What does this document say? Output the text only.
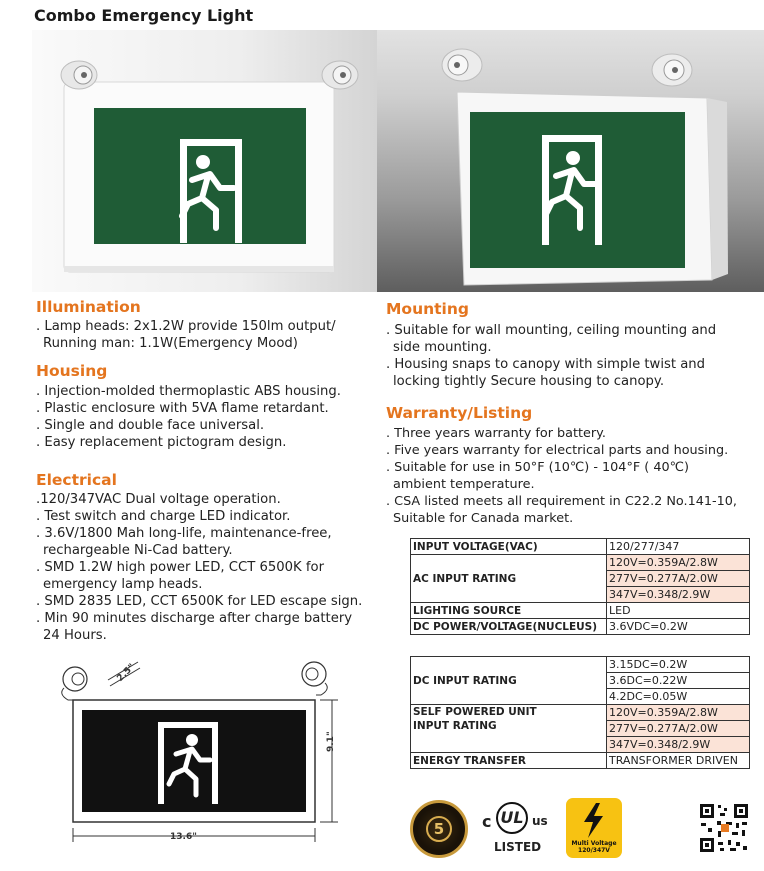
Combo Emergency Light
Illumination
. Lamp heads: 2x1.2W provide 150lm output/
Running man: 1.1W(Emergency Mood)
Housing
. Injection-molded thermoplastic ABS housing.
. Plastic enclosure with 5VA flame retardant.
. Single and double face universal.
. Easy replacement pictogram design.
Electrical
.120/347VAC Dual voltage operation.
. Test switch and charge LED indicator.
. 3.6V/1800 Mah long-life, maintenance-free,
rechargeable Ni-Cad battery.
. SMD 1.2W high power LED, CCT 6500K for
emergency lamp heads.
. SMD 2835 LED, CCT 6500K for LED escape sign.
. Min 90 minutes discharge after charge battery
24 Hours.
Mounting
. Suitable for wall mounting, ceiling mounting and
side mounting.
. Housing snaps to canopy with simple twist and
locking tightly Secure housing to canopy.
Warranty/Listing
. Three years warranty for battery.
. Five years warranty for electrical parts and housing.
. Suitable for use in 50°F (10℃) - 104°F ( 40℃)
ambient temperature.
. CSA listed meets all requirement in C22.2 No.141-10,
Suitable for Canada market.
INPUT VOLTAGE(VAC)	120/277/347
AC INPUT RATING	120V=0.359A/2.8W
	277V=0.277A/2.0W
	347V=0.348/2.9W
LIGHTING SOURCE	LED
DC POWER/VOLTAGE(NUCLEUS)	3.6VDC=0.2W
DC INPUT RATING	3.15DC=0.2W
	3.6DC=0.22W
	4.2DC=0.05W

SELF POWERED UNIT
INPUT RATING	120V=0.359A/2.8W
	277V=0.277A/2.0W
	347V=0.348/2.9W
ENERGY TRANSFER	TRANSFORMER DRIVEN
13.6"
9.1"
2.5"
5	c UL us
LISTED	Multi Voltage
120/347V
